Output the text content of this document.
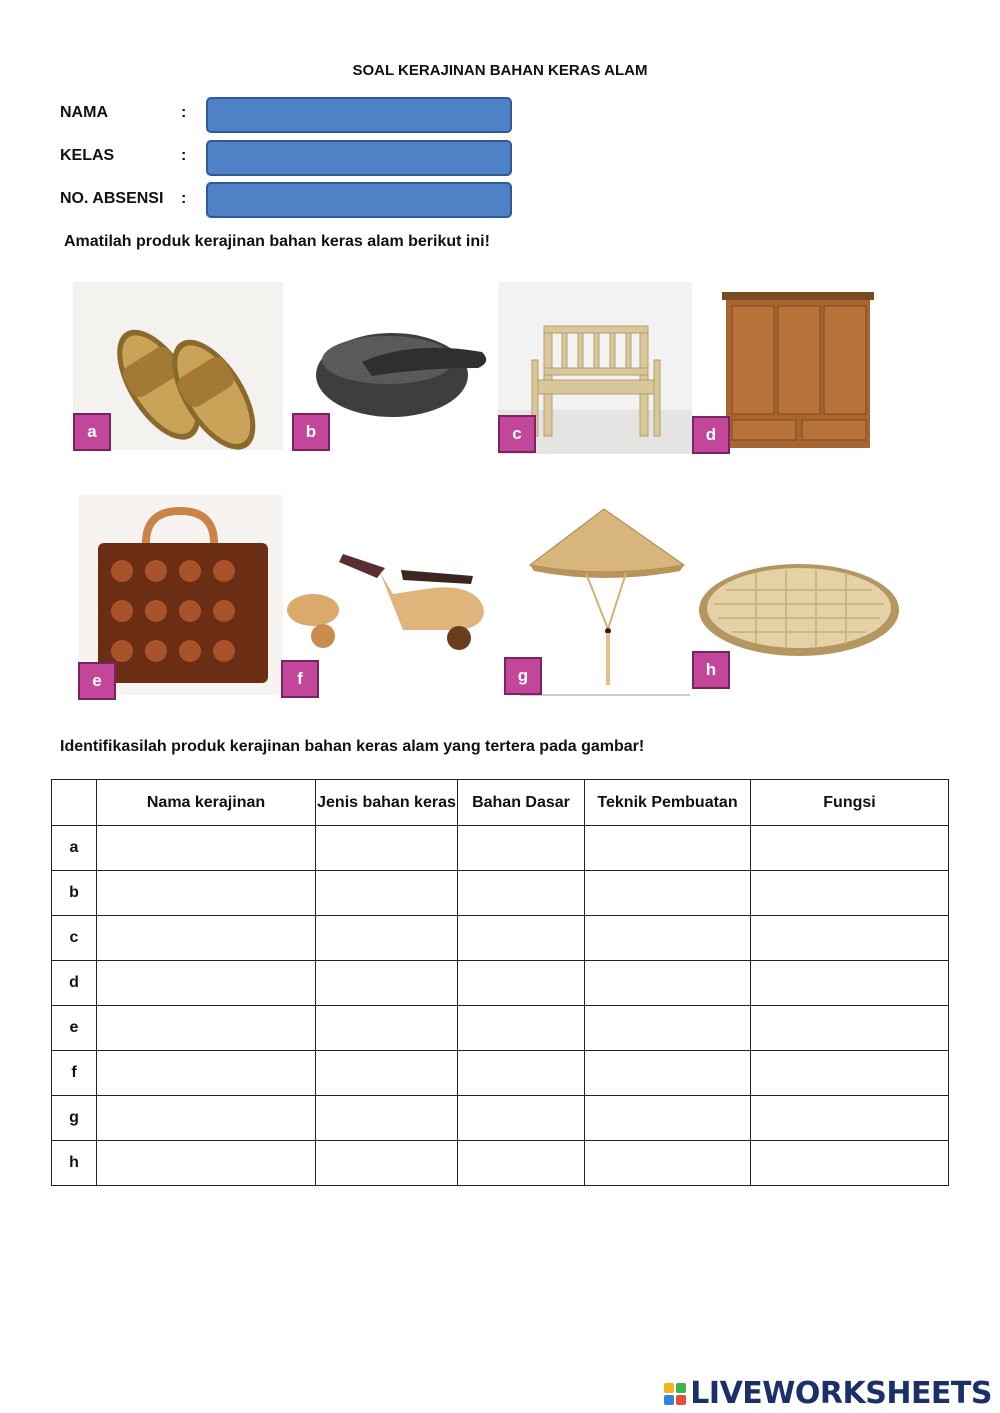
SOAL KERAJINAN BAHAN KERAS ALAM
NAMA	:
KELAS	:
NO. ABSENSI :
Amatilah produk kerajinan bahan keras alam berikut ini!
a	b	c	d
e	f	g	h
Identifikasilah produk kerajinan bahan keras alam yang tertera pada gambar!
	Nama kerajinan	Jenis bahan keras	Bahan Dasar	Teknik Pembuatan	Fungsi
a					
b					
c					
d					
e					
f					
g					
h					
LIVEWORKSHEETS
